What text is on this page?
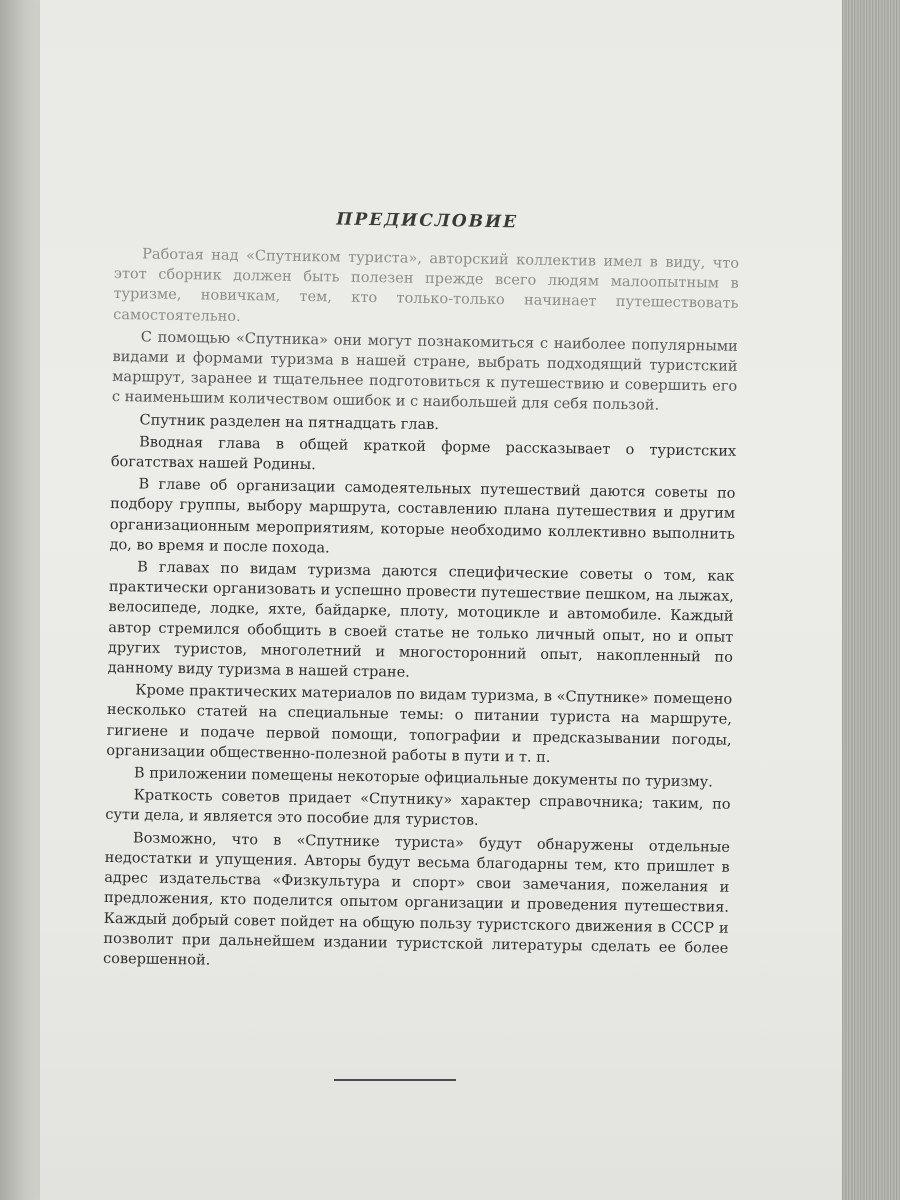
ПРЕДИСЛОВИЕ

Работая над «Спутником туриста», авторский коллектив имел в виду, что этот сборник должен быть полезен прежде всего людям малоопытным в туризме, новичкам, тем, кто только-только начинает путешествовать самостоятельно.

С помощью «Спутника» они могут познакомиться с наиболее популярными видами и формами туризма в нашей стране, выбрать подходящий туристский маршрут, заранее и тщательнее подготовиться к путешествию и совершить его с наименьшим количеством ошибок и с наибольшей для себя пользой.

Спутник разделен на пятнадцать глав.

Вводная глава в общей краткой форме рассказывает о туристских богатствах нашей Родины.

В главе об организации самодеятельных путешествий даются советы по подбору группы, выбору маршрута, составлению плана путешествия и другим организационным мероприятиям, которые необходимо коллективно выполнить до, во время и после похода.

В главах по видам туризма даются специфические советы о том, как практически организовать и успешно провести путешествие пешком, на лыжах, велосипеде, лодке, яхте, байдарке, плоту, мотоцикле и автомобиле. Каждый автор стремился обобщить в своей статье не только личный опыт, но и опыт других туристов, многолетний и многосторонний опыт, накопленный по данному виду туризма в нашей стране.

Кроме практических материалов по видам туризма, в «Спутнике» помещено несколько статей на специальные темы: о питании туриста на маршруте, гигиене и подаче первой помощи, топографии и предсказывании погоды, организации общественно-полезной работы в пути и т. п.

В приложении помещены некоторые официальные документы по туризму.

Краткость советов придает «Спутнику» характер справочника; таким, по сути дела, и является это пособие для туристов.

Возможно, что в «Спутнике туриста» будут обнаружены отдельные недостатки и упущения. Авторы будут весьма благодарны тем, кто пришлет в адрес издательства «Физкультура и спорт» свои замечания, пожелания и предложения, кто поделится опытом организации и проведения путешествия. Каждый добрый совет пойдет на общую пользу туристского движения в СССР и позволит при дальнейшем издании туристской литературы сделать ее более совершенной.
